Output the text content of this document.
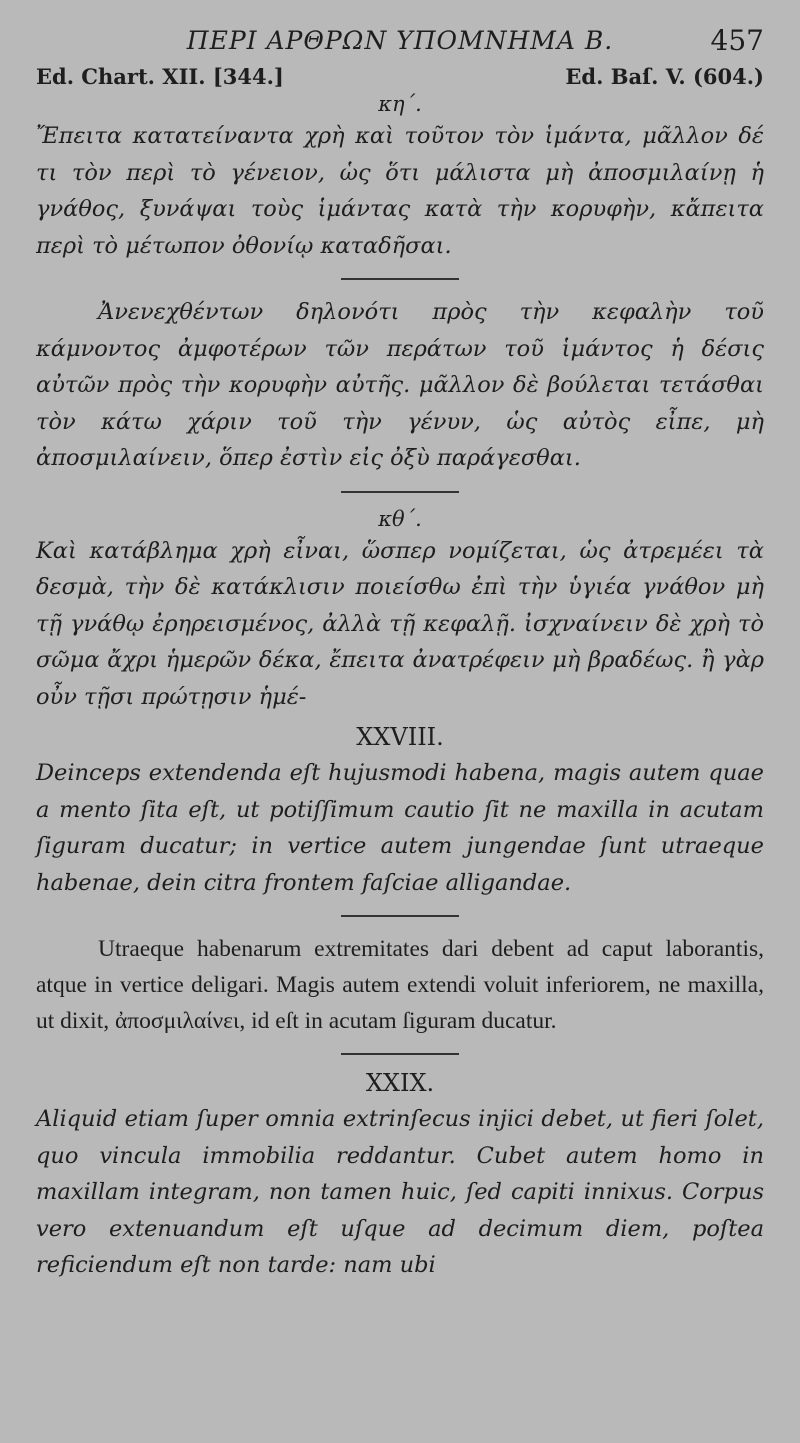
ΠΕΡΙ ΑΡΘΡΩΝ ΥΠΟΜΝΗΜΑ Β.	457
Ed. Chart. XII. [344.]	Ed. Baſ. V. (604.)
κη΄.

Ἔπειτα κατατείναντα χρὴ καὶ τοῦτον τὸν ἱμάντα, μᾶλλον δέ τι τὸν περὶ τὸ γένειον, ὡς ὅτι μάλιστα μὴ ἀποσμιλαίνῃ ἡ γνάθος, ξυνάψαι τοὺς ἱμάντας κατὰ τὴν κορυφὴν, κἄπειτα περὶ τὸ μέτωπον ὀθονίῳ καταδῆσαι.

Ἀνενεχθέντων δηλονότι πρὸς τὴν κεφαλὴν τοῦ κάμνοντος ἀμφοτέρων τῶν περάτων τοῦ ἱμάντος ἡ δέσις αὐτῶν πρὸς τὴν κορυφὴν αὐτῆς. μᾶλλον δὲ βούλεται τετάσθαι τὸν κάτω χάριν τοῦ τὴν γένυν, ὡς αὐτὸς εἶπε, μὴ ἀποσμιλαίνειν, ὅπερ ἐστὶν εἰς ὀξὺ παράγεσθαι.

κθ΄.

Καὶ κατάβλημα χρὴ εἶναι, ὥσπερ νομίζεται, ὡς ἀτρεμέει τὰ δεσμὰ, τὴν δὲ κατάκλισιν ποιείσθω ἐπὶ τὴν ὑγιέα γνάθον μὴ τῇ γνάθῳ ἐρηρεισμένος, ἀλλὰ τῇ κεφαλῇ. ἰσχναίνειν δὲ χρὴ τὸ σῶμα ἄχρι ἡμερῶν δέκα, ἔπειτα ἀνατρέφειν μὴ βραδέως. ἢ γὰρ οὖν τῇσι πρώτῃσιν ἡμέ-

XXVIII.

Deinceps extendenda eſt hujusmodi habena, magis autem quae a mento ſita eſt, ut potiſſimum cautio ſit ne maxilla in acutam ſiguram ducatur; in vertice autem jungendae ſunt utraeque habenae, dein citra frontem faſciae alligandae.

Utraeque habenarum extremitates dari debent ad caput laborantis, atque in vertice deligari. Magis autem extendi voluit inferiorem, ne maxilla, ut dixit, ἀποσμιλαίνει, id eſt in acutam ſiguram ducatur.

XXIX.

Aliquid etiam ſuper omnia extrinſecus injici debet, ut fieri ſolet, quo vincula immobilia reddantur. Cubet autem homo in maxillam integram, non tamen huic, ſed capiti innixus. Corpus vero extenuandum eſt uſque ad decimum diem, poſtea reficiendum eſt non tarde: nam ubi
